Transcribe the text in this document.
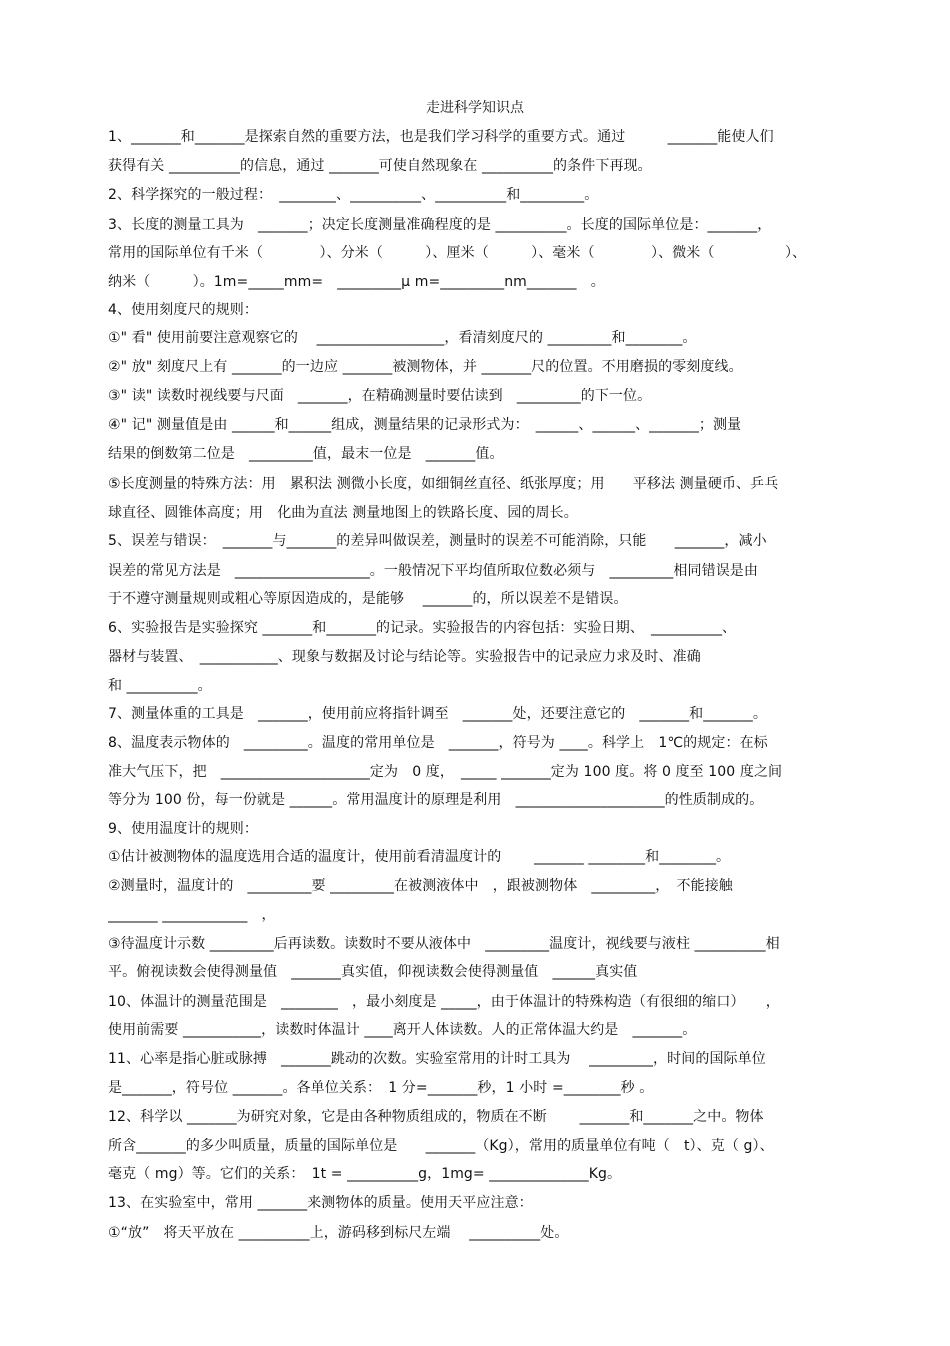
走进科学知识点
1、_______和_______是探索自然的重要方法，也是我们学习科学的重要方式。通过　　　_______能使人们
获得有关 __________的信息，通过 _______可使自然现象在 __________的条件下再现。
2、科学探究的一般过程：　________、__________、__________和_________。
3、长度的测量工具为　_______；决定长度测量准确程度的是 __________。长度的国际单位是：_______，
常用的国际单位有千米（　　　　）、分米（　　　）、厘米（　　　）、毫米（　　　　）、微米（　　　　　）、
纳米（　　　）。1m=_____mm=　_________μ m=_________nm_______　。
4、使用刻度尺的规则：
①" 看" 使用前要注意观察它的　 __________________，看清刻度尺的 _________和________。
②" 放" 刻度尺上有 _______的一边应 _______被测物体，并 _______尺的位置。不用磨损的零刻度线。
③" 读" 读数时视线要与尺面　_______，在精确测量时要估读到　_________的下一位。
④" 记" 测量值是由 ______和______组成，测量结果的记录形式为：　______、______、_______；测量
结果的倒数第二位是　_________值，最末一位是　_______值。
⑤长度测量的特殊方法：用　累积法 测微小长度，如细铜丝直径、纸张厚度；用　　平移法 测量硬币、乒乓
球直径、圆锥体高度；用　化曲为直法 测量地图上的铁路长度、园的周长。
5、误差与错误：　_______与_______的差异叫做误差，测量时的误差不可能消除，只能　　_______，减小
误差的常见方法是　___________________。一般情况下平均值所取位数必须与　_________相同错误是由
于不遵守测量规则或粗心等原因造成的，是能够　 _______的，所以误差不是错误。
6、实验报告是实验探究 _______和_______的记录。实验报告的内容包括：实验日期、　__________、
器材与装置、　___________、现象与数据及讨论与结论等。实验报告中的记录应力求及时、准确
和 __________。
7、测量体重的工具是　_______，使用前应将指针调至　_______处，还要注意它的　_______和_______。
8、温度表示物体的　_________。温度的常用单位是　_______，符号为 ____。科学上　1℃的规定：在标
准大气压下，把　_____________________定为　0 度，　_____ _______定为 100 度。将 0 度至 100 度之间
等分为 100 份，每一份就是 ______。常用温度计的原理是利用　_____________________的性质制成的。
9、使用温度计的规则：
①估计被测物体的温度选用合适的温度计，使用前看清温度计的　　 _______ ________和________。
②测量时，温度计的　_________要 _________在被测液体中　，跟被测物体　_________，　不能接触
_______ ____________　，
③待温度计示数 _________后再读数。读数时不要从液体中　_________温度计，视线要与液柱 __________相
平。俯视读数会使得测量值　_______真实值，仰视读数会使得测量值　______真实值
10、体温计的测量范围是　________　，最小刻度是 _____，由于体温计的特殊构造（有很细的缩口）　　，
使用前需要 ___________，读数时体温计 ____离开人体读数。人的正常体温大约是　_______。
11、心率是指心脏或脉搏　_______跳动的次数。实验室常用的计时工具为　 _________，时间的国际单位
是_______，符号位 _______。各单位关系：　1 分=_______秒，1 小时 =________秒 。
12、科学以 _______为研究对象，它是由各种物质组成的，物质在不断　　 _______和_______之中。物体
所含_______的多少叫质量，质量的国际单位是　　_______（Kg），常用的质量单位有吨（　t）、克（ g）、
毫克（ mg）等。它们的关系：　1t = __________g，1mg= ______________Kg。
13、在实验室中，常用 _______来测物体的质量。使用天平应注意：
①“放”　将天平放在 __________上，游码移到标尺左端　 __________处。
